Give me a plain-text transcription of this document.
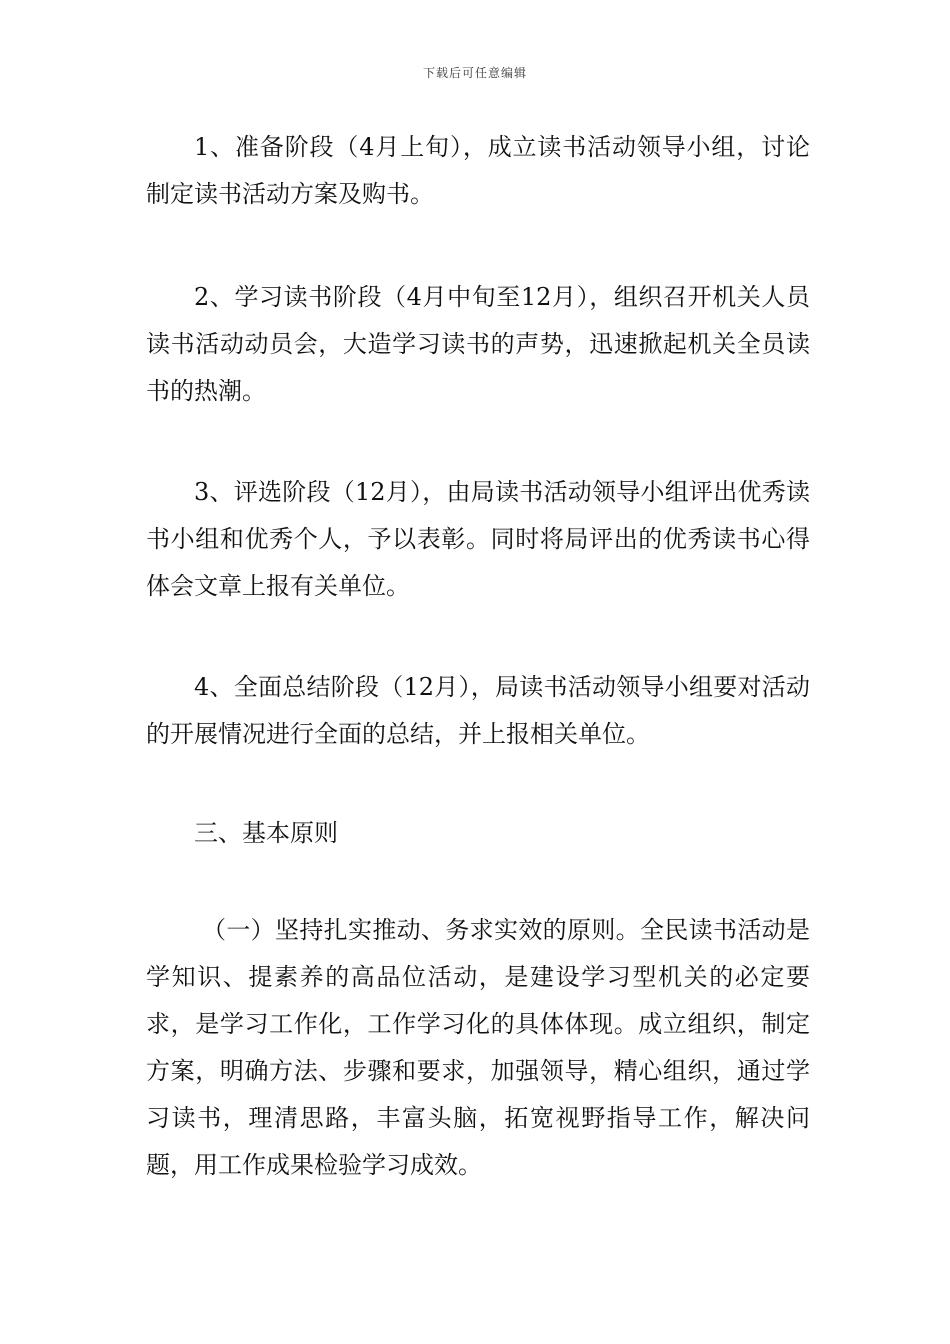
下载后可任意编辑

1、准备阶段（4月上旬），成立读书活动领导小组，讨论制定读书活动方案及购书。

2、学习读书阶段（4月中旬至12月），组织召开机关人员读书活动动员会，大造学习读书的声势，迅速掀起机关全员读书的热潮。

3、评选阶段（12月），由局读书活动领导小组评出优秀读书小组和优秀个人，予以表彰。同时将局评出的优秀读书心得体会文章上报有关单位。

4、全面总结阶段（12月），局读书活动领导小组要对活动的开展情况进行全面的总结，并上报相关单位。

三、基本原则

（一）坚持扎实推动、务求实效的原则。全民读书活动是学知识、提素养的高品位活动，是建设学习型机关的必定要求，是学习工作化，工作学习化的具体体现。成立组织，制定方案，明确方法、步骤和要求，加强领导，精心组织，通过学习读书，理清思路，丰富头脑，拓宽视野指导工作，解决问题，用工作成果检验学习成效。
